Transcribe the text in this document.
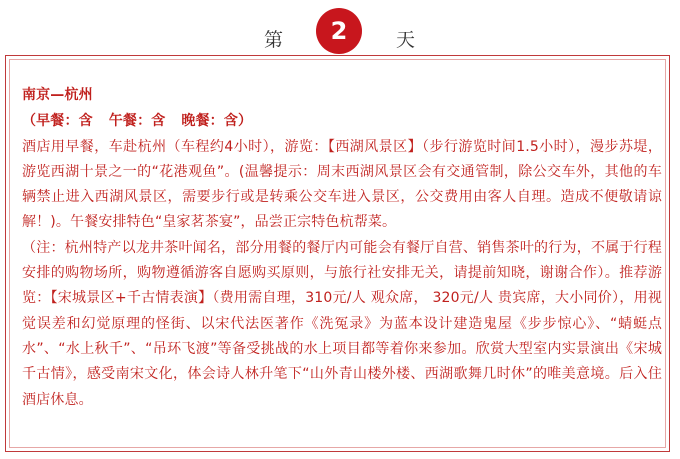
第	2	天

南京—杭州

（早餐：含 午餐：含 晚餐：含）

酒店用早餐，车赴杭州（车程约4小时），游览：【西湖风景区】（步行游览时间1.5小时），漫步苏堤，游览西湖十景之一的“花港观鱼”。(温馨提示：周末西湖风景区会有交通管制，除公交车外，其他的车辆禁止进入西湖风景区，需要步行或是转乘公交车进入景区，公交费用由客人自理。造成不便敬请谅解！)。午餐安排特色“皇家茗茶宴”，品尝正宗特色杭帮菜。

（注：杭州特产以龙井茶叶闻名，部分用餐的餐厅内可能会有餐厅自营、销售茶叶的行为，不属于行程安排的购物场所，购物遵循游客自愿购买原则，与旅行社安排无关，请提前知晓，谢谢合作）。推荐游览：【宋城景区+千古情表演】（费用需自理，310元/人 观众席， 320元/人 贵宾席，大小同价），用视觉误差和幻觉原理的怪街、以宋代法医著作《洗冤录》为蓝本设计建造鬼屋《步步惊心》、“蜻蜓点水”、“水上秋千”、“吊环飞渡”等备受挑战的水上项目都等着你来参加。欣赏大型室内实景演出《宋城千古情》，感受南宋文化，体会诗人林升笔下“山外青山楼外楼、西湖歌舞几时休”的唯美意境。后入住酒店休息。
